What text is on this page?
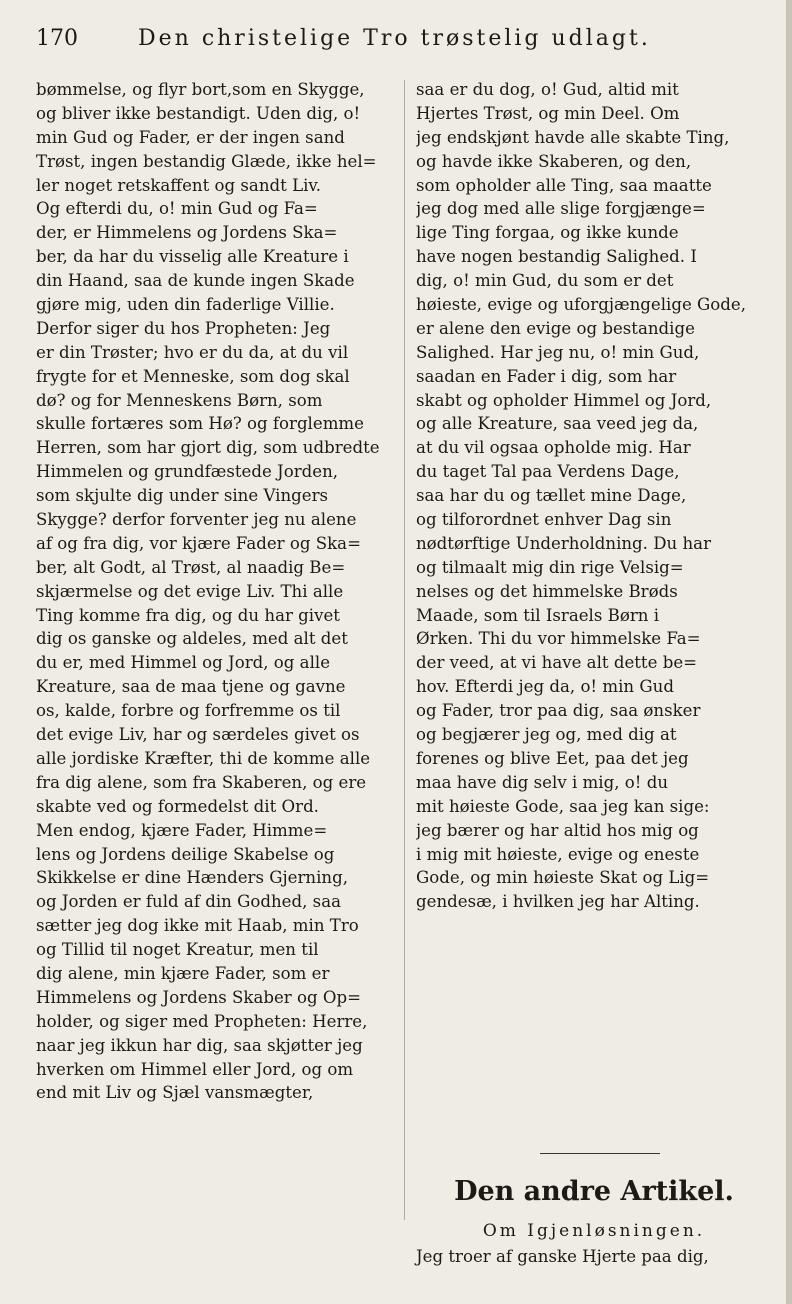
170	Den christelige Tro trøstelig udlagt.
bømmelse, og flyr bort,som en Skygge,
og bliver ikke bestandigt. Uden dig, o!
min Gud og Fader, er der ingen sand
Trøst, ingen bestandig Glæde, ikke hel=
ler noget retskaffent og sandt Liv.
Og efterdi du, o! min Gud og Fa=
der, er Himmelens og Jordens Ska=
ber, da har du visselig alle Kreature i
din Haand, saa de kunde ingen Skade
gjøre mig, uden din faderlige Villie.
Derfor siger du hos Propheten: Jeg
er din Trøster; hvo er du da, at du vil
frygte for et Menneske, som dog skal
dø? og for Menneskens Børn, som
skulle fortæres som Hø? og forglemme
Herren, som har gjort dig, som udbredte
Himmelen og grundfæstede Jorden,
som skjulte dig under sine Vingers
Skygge? derfor forventer jeg nu alene
af og fra dig, vor kjære Fader og Ska=
ber, alt Godt, al Trøst, al naadig Be=
skjærmelse og det evige Liv. Thi alle
Ting komme fra dig, og du har givet
dig os ganske og aldeles, med alt det
du er, med Himmel og Jord, og alle
Kreature, saa de maa tjene og gavne
os, kalde, forbre og forfremme os til
det evige Liv, har og særdeles givet os
alle jordiske Kræfter, thi de komme alle
fra dig alene, som fra Skaberen, og ere
skabte ved og formedelst dit Ord.
Men endog, kjære Fader, Himme=
lens og Jordens deilige Skabelse og
Skikkelse er dine Hænders Gjerning,
og Jorden er fuld af din Godhed, saa
sætter jeg dog ikke mit Haab, min Tro
og Tillid til noget Kreatur, men til
dig alene, min kjære Fader, som er
Himmelens og Jordens Skaber og Op=
holder, og siger med Propheten: Herre,
naar jeg ikkun har dig, saa skjøtter jeg
hverken om Himmel eller Jord, og om
end mit Liv og Sjæl vansmægter,
saa er du dog, o! Gud, altid mit
Hjertes Trøst, og min Deel. Om
jeg endskjønt havde alle skabte Ting,
og havde ikke Skaberen, og den,
som opholder alle Ting, saa maatte
jeg dog med alle slige forgjænge=
lige Ting forgaa, og ikke kunde
have nogen bestandig Salighed. I
dig, o! min Gud, du som er det
høieste, evige og uforgjængelige Gode,
er alene den evige og bestandige
Salighed. Har jeg nu, o! min Gud,
saadan en Fader i dig, som har
skabt og opholder Himmel og Jord,
og alle Kreature, saa veed jeg da,
at du vil ogsaa opholde mig. Har
du taget Tal paa Verdens Dage,
saa har du og tællet mine Dage,
og tilforordnet enhver Dag sin
nødtørftige Underholdning. Du har
og tilmaalt mig din rige Velsig=
nelses og det himmelske Brøds
Maade, som til Israels Børn i
Ørken. Thi du vor himmelske Fa=
der veed, at vi have alt dette be=
hov. Efterdi jeg da, o! min Gud
og Fader, tror paa dig, saa ønsker
og begjærer jeg og, med dig at
forenes og blive Eet, paa det jeg
maa have dig selv i mig, o! du
mit høieste Gode, saa jeg kan sige:
jeg bærer og har altid hos mig og
i mig mit høieste, evige og eneste
Gode, og min høieste Skat og Lig=
gendesæ, i hvilken jeg har Alting.
Den andre Artikel.
Om Igjenløsningen.
Jeg troer af ganske Hjerte paa dig,
